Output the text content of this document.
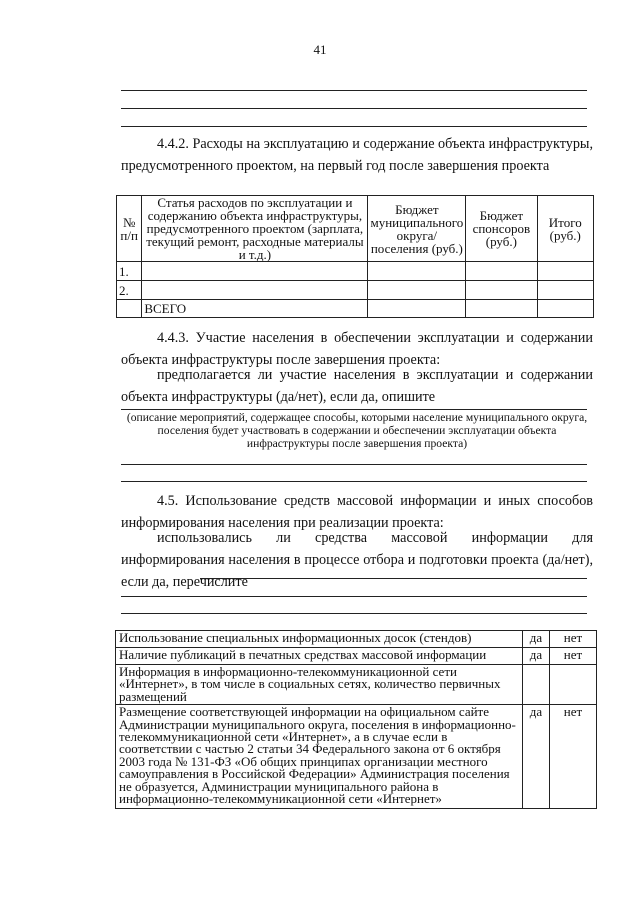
41
4.4.2. Расходы на эксплуатацию и содержание объекта инфраструктуры, предусмотренного проектом, на первый год после завершения проекта
№ п/п	Статья расходов по эксплуатации и содержанию объекта инфраструктуры, предусмотренного проектом (зарплата, текущий ремонт, расходные материалы и т.д.)	Бюджет муниципального округа/ поселения (руб.)	Бюджет спонсоров (руб.)	Итого (руб.)
1.				
2.				
	ВСЕГО			
4.4.3. Участие населения в обеспечении эксплуатации и содержании объекта инфраструктуры после завершения проекта:
предполагается ли участие населения в эксплуатации и содержании объекта инфраструктуры (да/нет), если да, опишите
(описание мероприятий, содержащее способы, которыми население муниципального округа, поселения будет участвовать в содержании и обеспечении эксплуатации объекта инфраструктуры после завершения проекта)
4.5. Использование средств массовой информации и иных способов информирования населения при реализации проекта:
использовались ли средства массовой информации для информирования населения в процессе отбора и подготовки проекта (да/нет), если да, перечислите
Использование специальных информационных досок (стендов)	да	нет
Наличие публикаций в печатных средствах массовой информации	да	нет
Информация в информационно-телекоммуникационной сети «Интернет», в том числе в социальных сетях, количество первичных размещений		
Размещение соответствующей информации на официальном сайте Администрации муниципального округа, поселения в информационно-телекоммуникационной сети «Интернет», а в случае если в соответствии с частью 2 статьи 34 Федерального закона от 6 октября 2003 года № 131-ФЗ «Об общих принципах организации местного самоуправления в Российской Федерации» Администрация поселения не образуется, Администрации муниципального района в информационно-телекоммуникационной сети «Интернет»	да	нет
